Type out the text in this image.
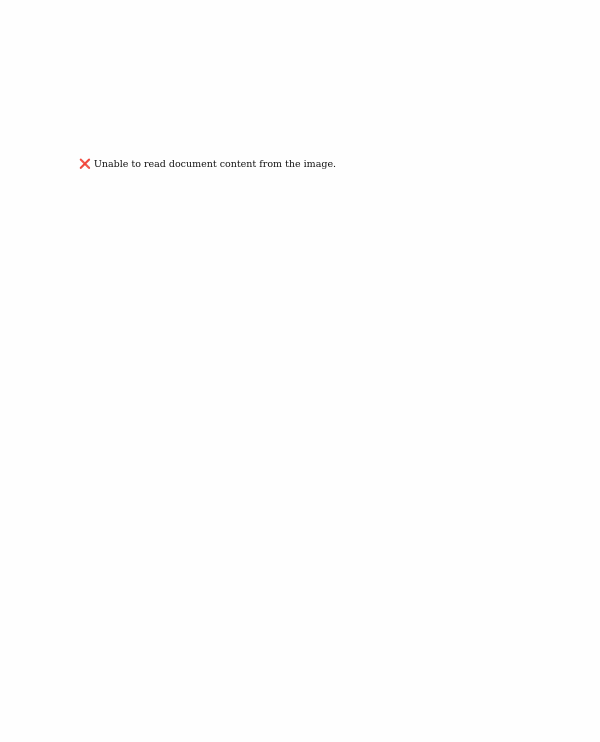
❌ Unable to read document content from the image.
